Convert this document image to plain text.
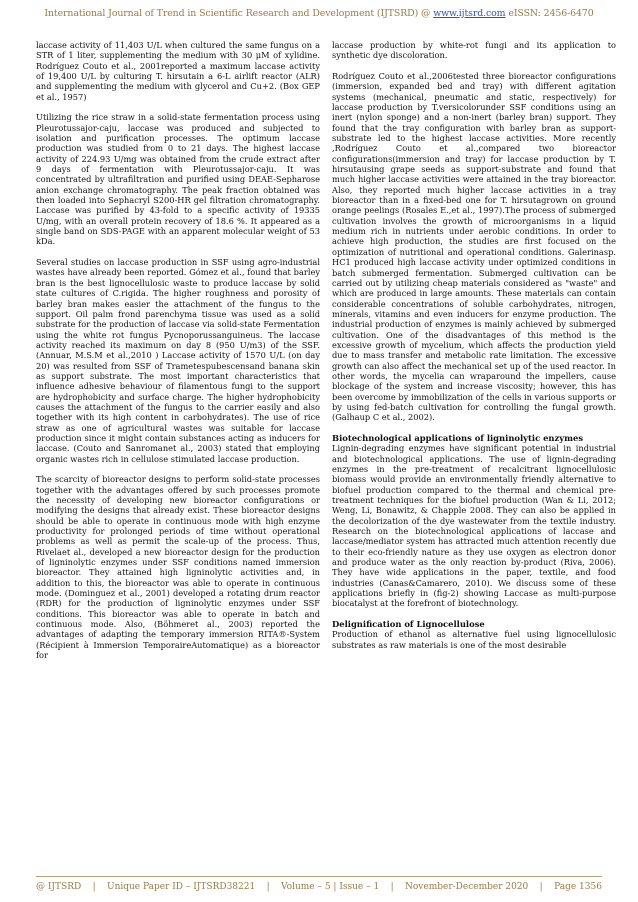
International Journal of Trend in Scientific Research and Development (IJTSRD) @ www.ijtsrd.com eISSN: 2456-6470

laccase activity of 11,403 U/L when cultured the same fungus on a STR of 1 liter, supplementing the medium with 30 μM of xylidine. Rodríguez Couto et al., 2001reported a maximum laccase activity of 19,400 U/L by culturing T. hirsutain a 6-L airlift reactor (ALR) and supplementing the medium with glycerol and Cu+2. (Box GEP et al., 1957)

Utilizing the rice straw in a solid-state fermentation process using Pleurotussajor-caju, laccase was produced and subjected to isolation and purification processes. The optimum laccase production was studied from 0 to 21 days. The highest laccase activity of 224.93 U/mg was obtained from the crude extract after 9 days of fermentation with Pleurotussajor-caju. It was concentrated by ultrafiltration and purified using DEAE-Sepharose anion exchange chromatography. The peak fraction obtained was then loaded into Sephacryl S200-HR gel filtration chromatography. Laccase was purified by 43-fold to a specific activity of 19335 U/mg, with an overall protein recovery of 18.6 %. It appeared as a single band on SDS-PAGE with an apparent molecular weight of 53 kDa.

Several studies on laccase production in SSF using agro-industrial wastes have already been reported. Gómez et al., found that barley bran is the best lignocellulosic waste to produce laccase by solid state cultures of C.rigida. The higher roughness and porosity of barley bran makes easier the attachment of the fungus to the support. Oil palm frond parenchyma tissue was used as a solid substrate for the production of laccase via solid-state Fermentation using the white rot fungus Pycnoporussanguineus. The laccase activity reached its maximum on day 8 (950 U/m3) of the SSF.(Annuar, M.S.M et al.,2010 ) Laccase activity of 1570 U/L (on day 20) was resulted from SSF of Trametespubescensand banana skin as support substrate. The most important characteristics that influence adhesive behaviour of filamentous fungi to the support are hydrophobicity and surface charge. The higher hydrophobicity causes the attachment of the fungus to the carrier easily and also together with its high content in carbohydrates). The use of rice straw as one of agricultural wastes was suitable for laccase production since it might contain substances acting as inducers for laccase. (Couto and Sanromanet al., 2003) stated that employing organic wastes rich in cellulose stimulated laccase production.

The scarcity of bioreactor designs to perform solid-state processes together with the advantages offered by such processes promote the necessity of developing new bioreactor configurations or modifying the designs that already exist. These bioreactor designs should be able to operate in continuous mode with high enzyme productivity for prolonged periods of time without operational problems as well as permit the scale-up of the process. Thus, Rivelaet al., developed a new bioreactor design for the production of ligninolytic enzymes under SSF conditions named immersion bioreactor. They attained high ligninolytic activities and, in addition to this, the bioreactor was able to operate in continuous mode. (Dominguez et al., 2001) developed a rotating drum reactor (RDR) for the production of ligninolytic enzymes under SSF conditions. This bioreactor was able to operate in batch and continuous mode. Also, (Böhmeret al., 2003) reported the advantages of adapting the temporary immersion RITA®-System (Récipient à Immersion TemporaireAutomatique) as a bioreactor for

laccase production by white-rot fungi and its application to synthetic dye discoloration.

Rodríguez Couto et al.,2006tested three bioreactor configurations (immersion, expanded bed and tray) with different agitation systems (mechanical, pneumatic and static, respectively) for laccase production by T.versicolorunder SSF conditions using an inert (nylon sponge) and a non-inert (barley bran) support. They found that the tray configuration with barley bran as support-substrate led to the highest laccase activities. More recently ,Rodríguez Couto et al.,compared two bioreactor configurations(immersion and tray) for laccase production by T. hirsutausing grape seeds as support-substrate and found that much higher laccase activities were attained in the tray bioreactor. Also, they reported much higher laccase activities in a tray bioreactor than in a fixed-bed one for T. hirsutagrown on ground orange peelings (Rosales E.,et al., 1997).The process of submerged cultivation involves the growth of microorganisms in a liquid medium rich in nutrients under aerobic conditions. In order to achieve high production, the studies are first focused on the optimization of nutritional and operational conditions. Galerinasp. HC1 produced high laccase activity under optimized conditions in batch submerged fermentation. Submerged cultivation can be carried out by utilizing cheap materials considered as "waste" and which are produced in large amounts. These materials can contain considerable concentrations of soluble carbohydrates, nitrogen, minerals, vitamins and even inducers for enzyme production. The industrial production of enzymes is mainly achieved by submerged cultivation. One of the disadvantages of this method is the excessive growth of mycelium, which affects the production yield due to mass transfer and metabolic rate limitation. The excessive growth can also affect the mechanical set up of the used reactor. In other words, the mycelia can wraparound the impellers, cause blockage of the system and increase viscosity; however, this has been overcome by immobilization of the cells in various supports or by using fed-batch cultivation for controlling the fungal growth. (Galhaup C et al., 2002).

Biotechnological applications of ligninolytic enzymes

Lignin-degrading enzymes have significant potential in industrial and biotechnological applications. The use of lignin-degrading enzymes in the pre-treatment of recalcitrant lignocellulosic biomass would provide an environmentally friendly alternative to biofuel production compared to the thermal and chemical pre-treatment techniques for the biofuel production (Wan & Li, 2012; Weng, Li, Bonawitz, & Chapple 2008. They can also be applied in the decolorization of the dye wastewater from the textile industry. Research on the biotechnological applications of laccase and laccase/mediator system has attracted much attention recently due to their eco-friendly nature as they use oxygen as electron donor and produce water as the only reaction by-product (Riva, 2006). They have wide applications in the paper, textile, and food industries (Canas&Camarero, 2010). We discuss some of these applications briefly in (fig-2) showing Laccase as multi-purpose biocatalyst at the forefront of biotechnology.

Delignification of Lignocellulose

Production of ethanol as alternative fuel using lignocellulosic substrates as raw materials is one of the most desirable

@ IJTSRD | Unique Paper ID – IJTSRD38221 | Volume – 5 | Issue – 1 | November-December 2020 | Page 1356
